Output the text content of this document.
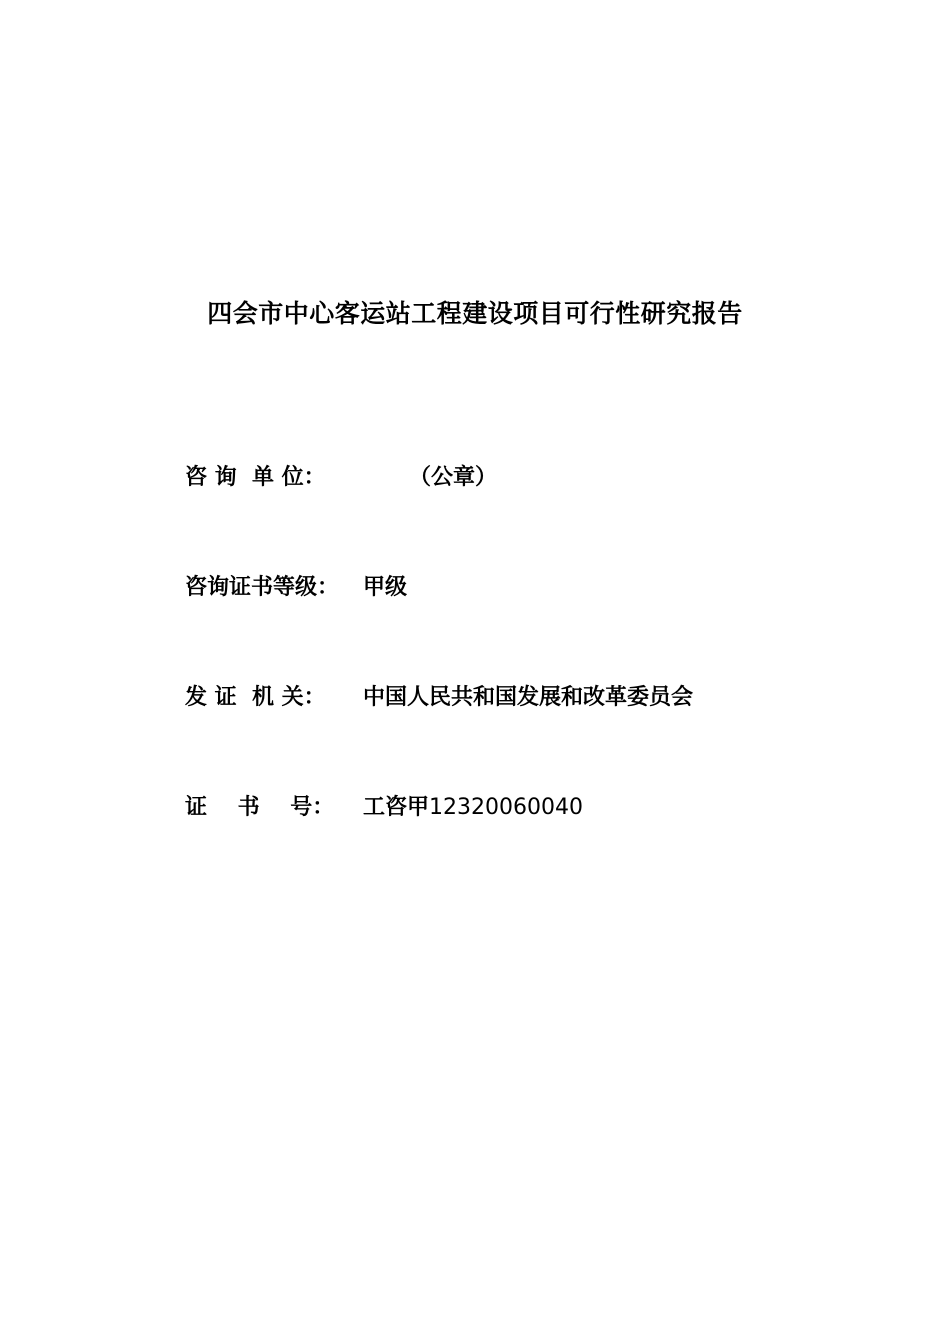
四会市中心客运站工程建设项目可行性研究报告
咨 询  单 位：	（公章）
咨询证书等级：	甲级
发 证  机 关：	中国人民共和国发展和改革委员会
证    书    号：	工咨甲 12320060040
